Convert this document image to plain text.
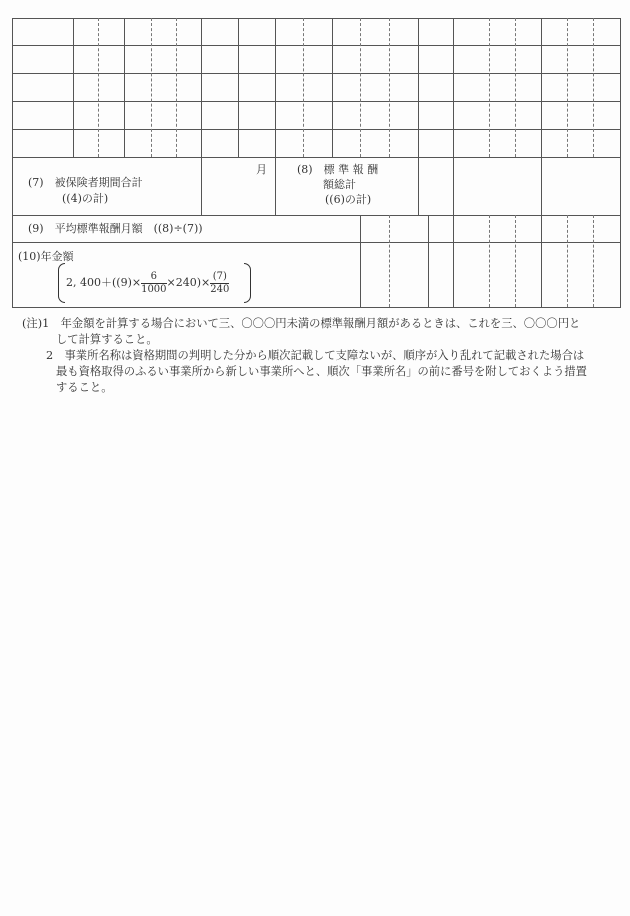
(7)　被保険者期間合計
((4)の計)
月	(8)　標 準 報 酬
額総計
((6)の計)
(9)　平均標準報酬月額　((8)÷(7))
(10)年金額
2, $400+((9)\times \frac{6}{1000} \times 240)\times \frac{(7)}{240}$
(注)1　 年金額を計算する場合において三、〇〇〇円未満の標準報酬月額があるときは、これを三、〇〇〇円と
して計算すること。
2　 事業所名称は資格期間の判明した分から順次記載して支障ないが、順序が入り乱れて記載された場合は
最も資格取得のふるい事業所から新しい事業所へと、順次「事業所名」の前に番号を附しておくよう措置
すること。
